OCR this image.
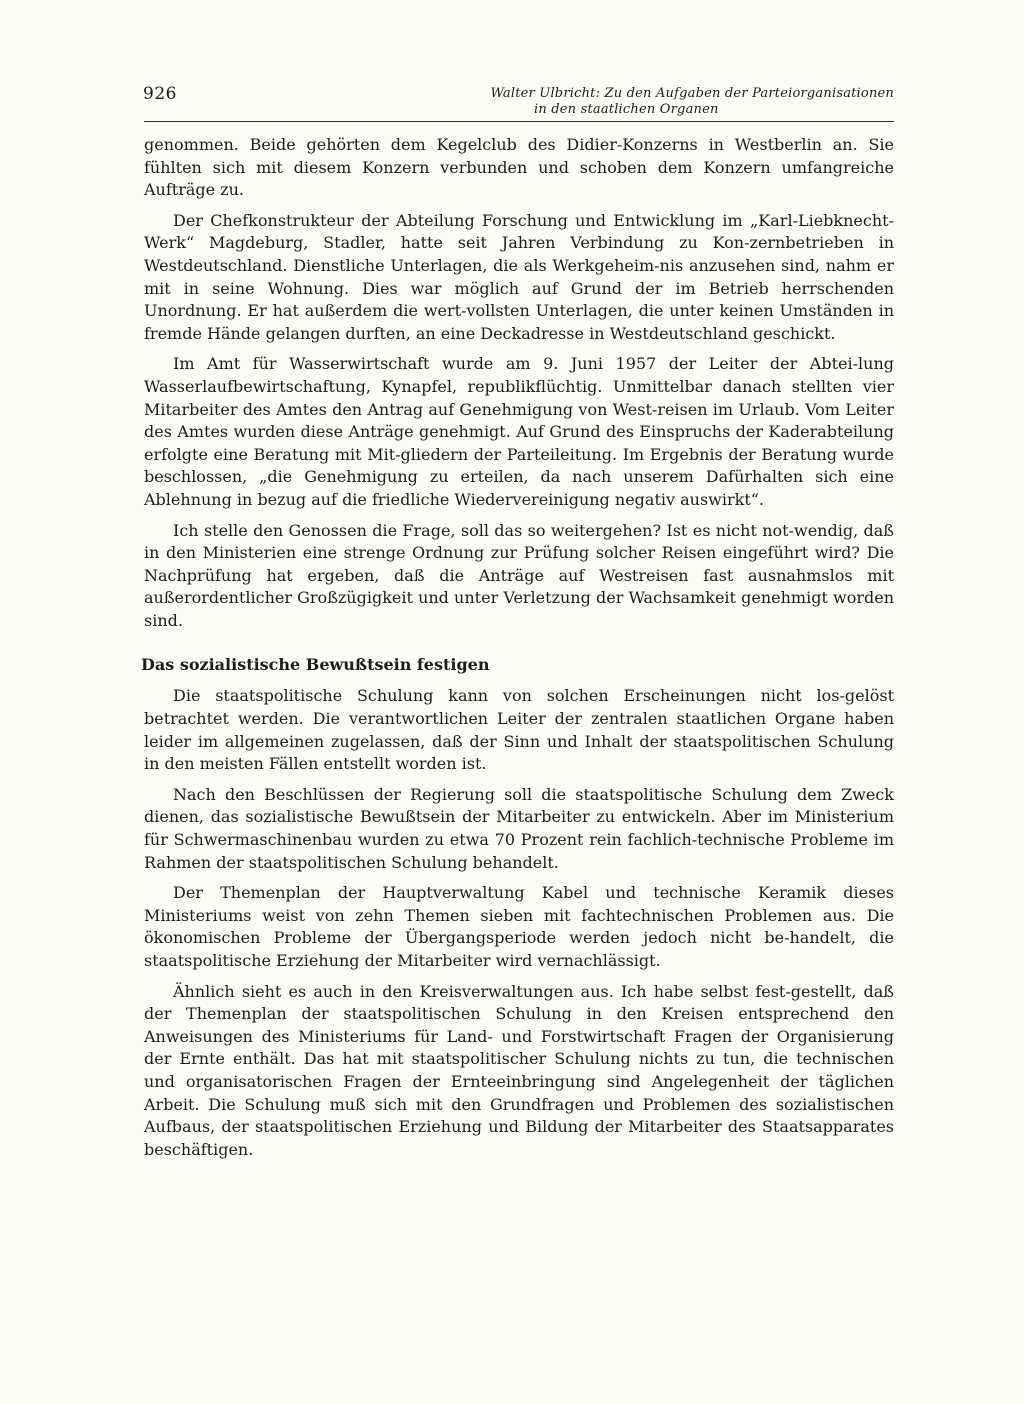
926	Walter Ulbricht: Zu den Aufgaben der Parteiorganisationen
in den staatlichen Organen

genommen. Beide gehörten dem Kegelclub des Didier-Konzerns in Westberlin an. Sie fühlten sich mit diesem Konzern verbunden und schoben dem Konzern umfangreiche Aufträge zu.

Der Chefkonstrukteur der Abteilung Forschung und Entwicklung im „Karl-Liebknecht-Werk“ Magdeburg, Stadler, hatte seit Jahren Verbindung zu Kon-zernbetrieben in Westdeutschland. Dienstliche Unterlagen, die als Werkgeheim-nis anzusehen sind, nahm er mit in seine Wohnung. Dies war möglich auf Grund der im Betrieb herrschenden Unordnung. Er hat außerdem die wert-vollsten Unterlagen, die unter keinen Umständen in fremde Hände gelangen durften, an eine Deckadresse in Westdeutschland geschickt.

Im Amt für Wasserwirtschaft wurde am 9. Juni 1957 der Leiter der Abtei-lung Wasserlaufbewirtschaftung, Kynapfel, republikflüchtig. Unmittelbar danach stellten vier Mitarbeiter des Amtes den Antrag auf Genehmigung von West-reisen im Urlaub. Vom Leiter des Amtes wurden diese Anträge genehmigt. Auf Grund des Einspruchs der Kaderabteilung erfolgte eine Beratung mit Mit-gliedern der Parteileitung. Im Ergebnis der Beratung wurde beschlossen, „die Genehmigung zu erteilen, da nach unserem Dafürhalten sich eine Ablehnung in bezug auf die friedliche Wiedervereinigung negativ auswirkt“.

Ich stelle den Genossen die Frage, soll das so weitergehen? Ist es nicht not-wendig, daß in den Ministerien eine strenge Ordnung zur Prüfung solcher Reisen eingeführt wird? Die Nachprüfung hat ergeben, daß die Anträge auf Westreisen fast ausnahmslos mit außerordentlicher Großzügigkeit und unter Verletzung der Wachsamkeit genehmigt worden sind.

Das sozialistische Bewußtsein festigen

Die staatspolitische Schulung kann von solchen Erscheinungen nicht los-gelöst betrachtet werden. Die verantwortlichen Leiter der zentralen staatlichen Organe haben leider im allgemeinen zugelassen, daß der Sinn und Inhalt der staatspolitischen Schulung in den meisten Fällen entstellt worden ist.

Nach den Beschlüssen der Regierung soll die staatspolitische Schulung dem Zweck dienen, das sozialistische Bewußtsein der Mitarbeiter zu entwickeln. Aber im Ministerium für Schwermaschinenbau wurden zu etwa 70 Prozent rein fachlich-technische Probleme im Rahmen der staatspolitischen Schulung behandelt.

Der Themenplan der Hauptverwaltung Kabel und technische Keramik dieses Ministeriums weist von zehn Themen sieben mit fachtechnischen Problemen aus. Die ökonomischen Probleme der Übergangsperiode werden jedoch nicht be-handelt, die staatspolitische Erziehung der Mitarbeiter wird vernachlässigt.

Ähnlich sieht es auch in den Kreisverwaltungen aus. Ich habe selbst fest-gestellt, daß der Themenplan der staatspolitischen Schulung in den Kreisen entsprechend den Anweisungen des Ministeriums für Land- und Forstwirtschaft Fragen der Organisierung der Ernte enthält. Das hat mit staatspolitischer Schulung nichts zu tun, die technischen und organisatorischen Fragen der Ernteeinbringung sind Angelegenheit der täglichen Arbeit. Die Schulung muß sich mit den Grundfragen und Problemen des sozialistischen Aufbaus, der staatspolitischen Erziehung und Bildung der Mitarbeiter des Staatsapparates beschäftigen.
